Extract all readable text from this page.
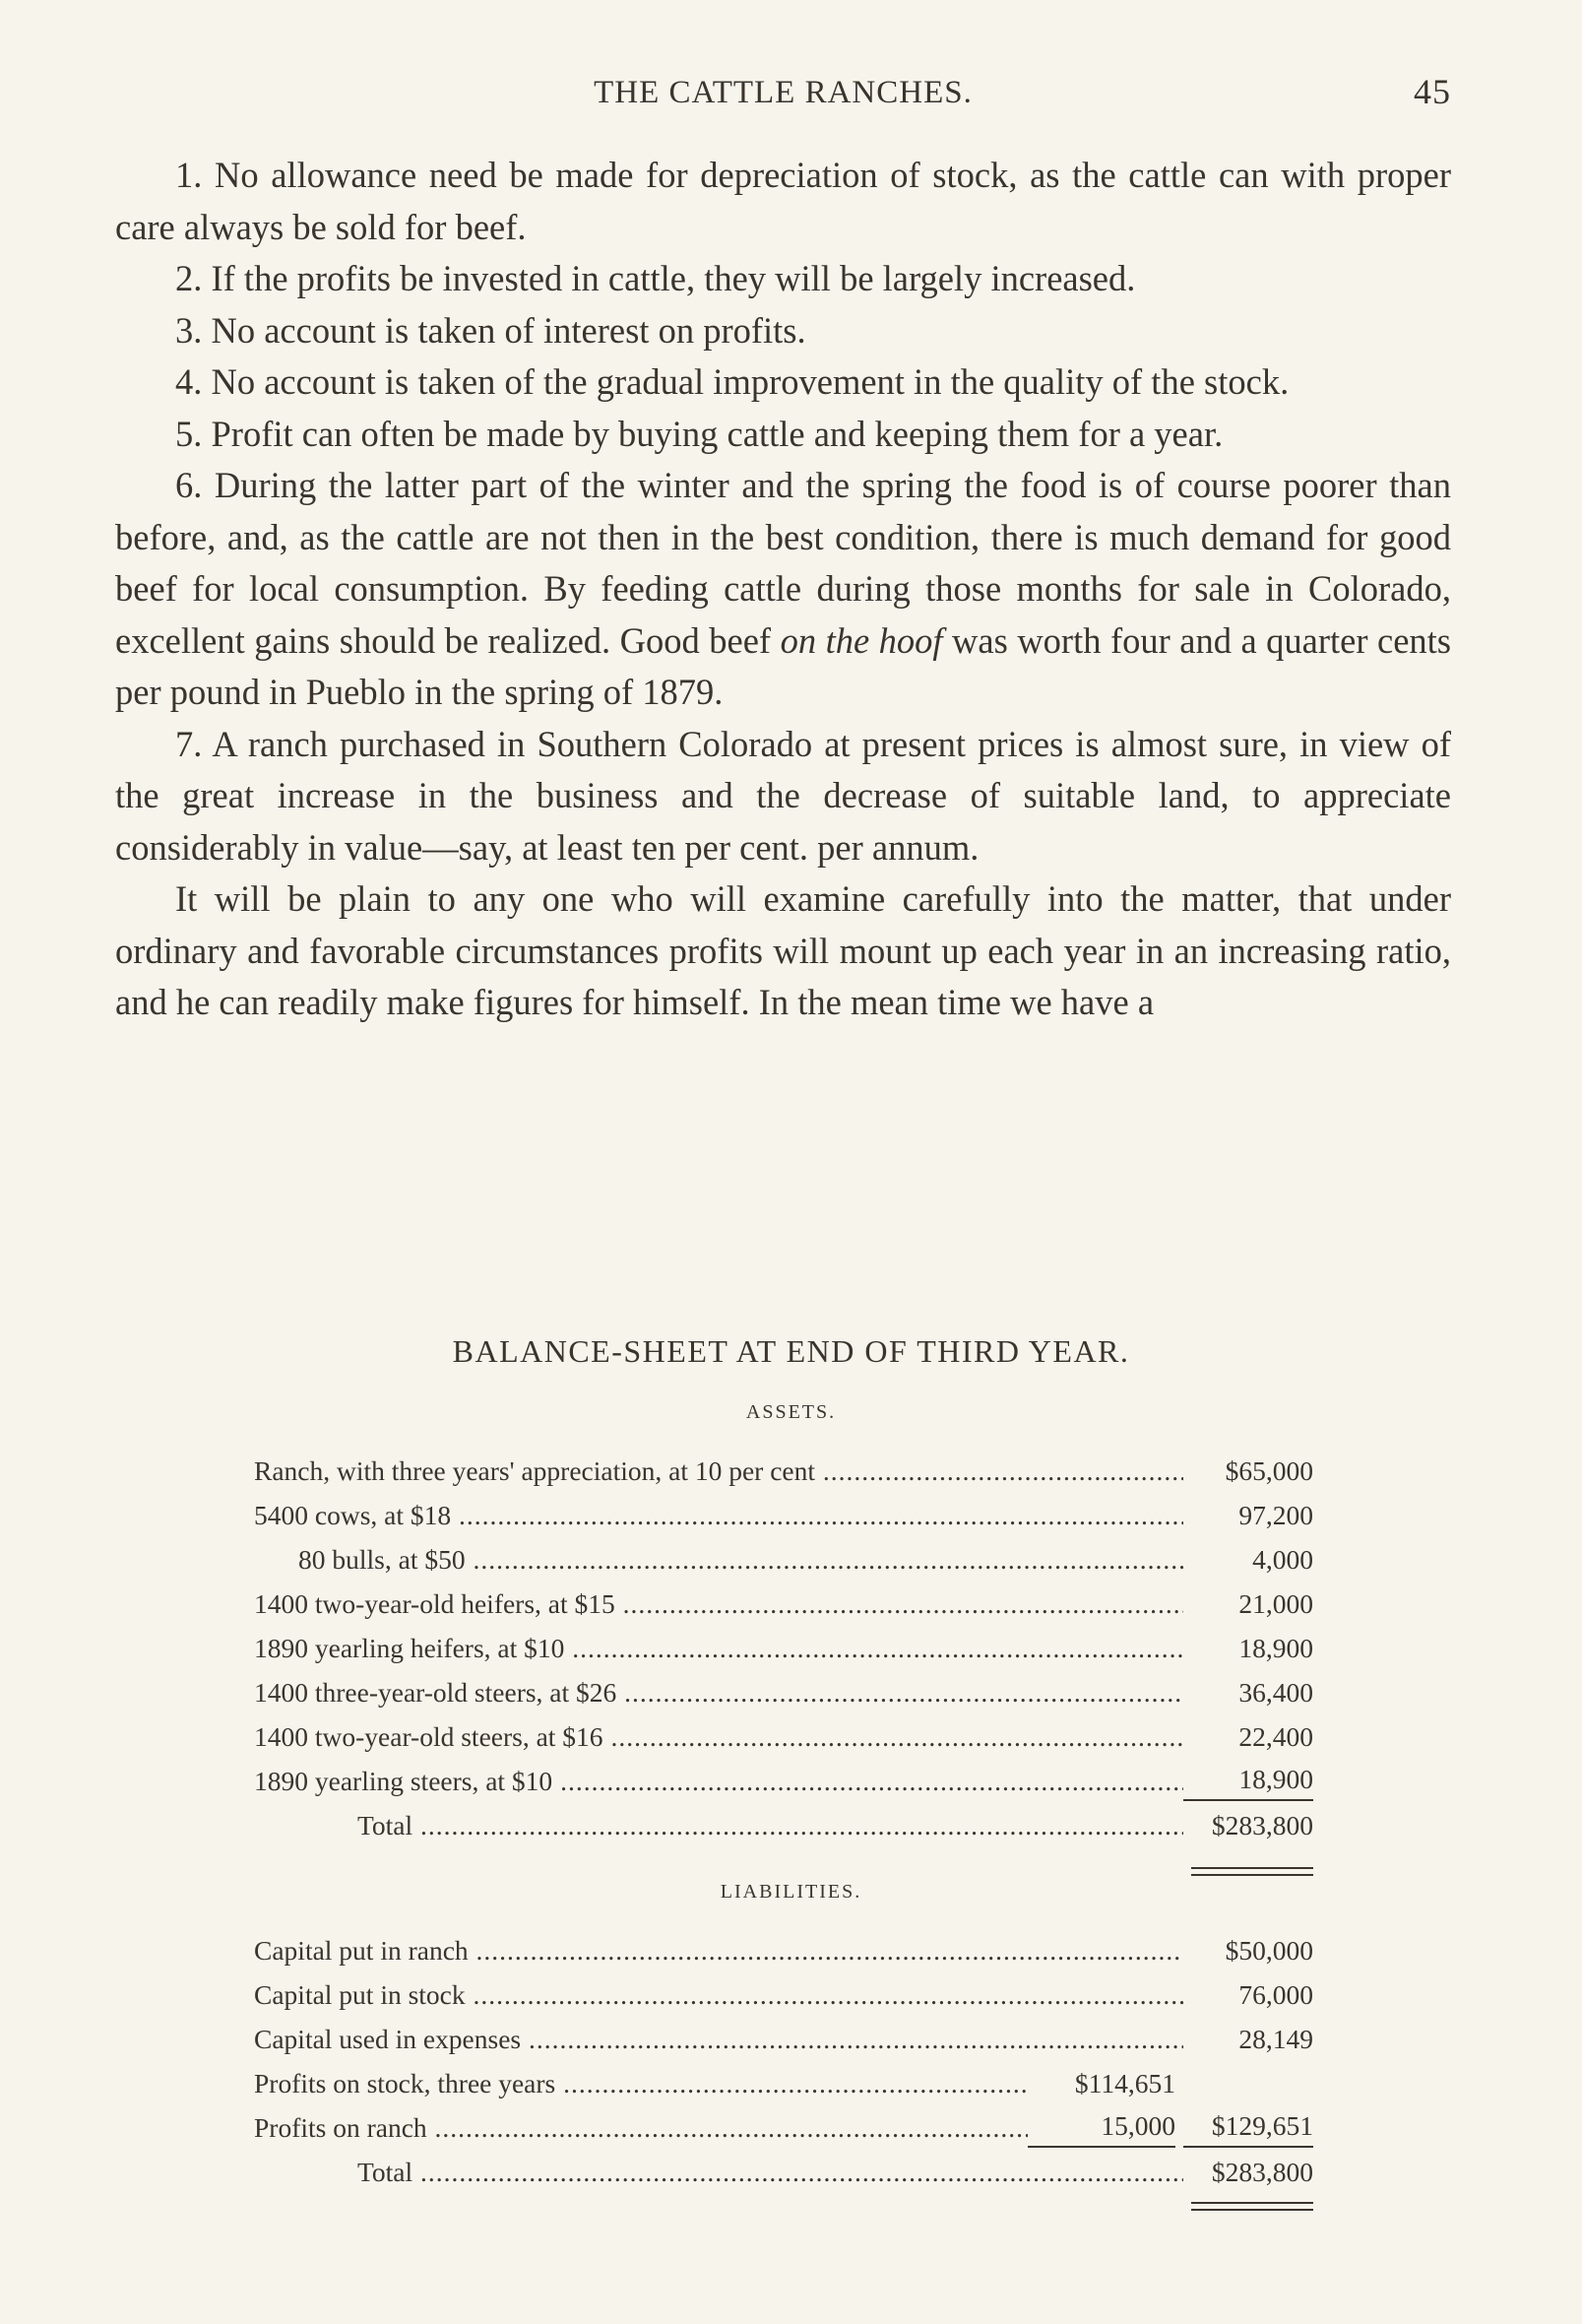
THE CATTLE RANCHES.	45

1. No allowance need be made for depreciation of stock, as the cattle can with proper care always be sold for beef.

2. If the profits be invested in cattle, they will be largely increased.

3. No account is taken of interest on profits.

4. No account is taken of the gradual improvement in the quality of the stock.

5. Profit can often be made by buying cattle and keeping them for a year.

6. During the latter part of the winter and the spring the food is of course poorer than before, and, as the cattle are not then in the best condition, there is much demand for good beef for local consumption. By feeding cattle during those months for sale in Colorado, excellent gains should be realized. Good beef on the hoof was worth four and a quarter cents per pound in Pueblo in the spring of 1879.

7. A ranch purchased in Southern Colorado at present prices is almost sure, in view of the great increase in the business and the decrease of suitable land, to appreciate considerably in value—say, at least ten per cent. per annum.

It will be plain to any one who will examine carefully into the matter, that under ordinary and favorable circumstances profits will mount up each year in an increasing ratio, and he can readily make figures for himself. In the mean time we have a

BALANCE-SHEET AT END OF THIRD YEAR.
ASSETS.
Ranch, with three years' appreciation, at 10 per cent .....	$65,000
5400 cows, at $18 .....	97,200
80 bulls, at $50 .....	4,000
1400 two-year-old heifers, at $15 .....	21,000
1890 yearling heifers, at $10 .....	18,900
1400 three-year-old steers, at $26 .....	36,400
1400 two-year-old steers, at $16 .....	22,400
1890 yearling steers, at $10 .....	18,900
Total .....	$283,800
LIABILITIES.
Capital put in ranch .....	$50,000
Capital put in stock .....	76,000
Capital used in expenses .....	28,149
Profits on stock, three years .....	$114,651
Profits on ranch .....	15,000	$129,651
Total .....	$283,800
